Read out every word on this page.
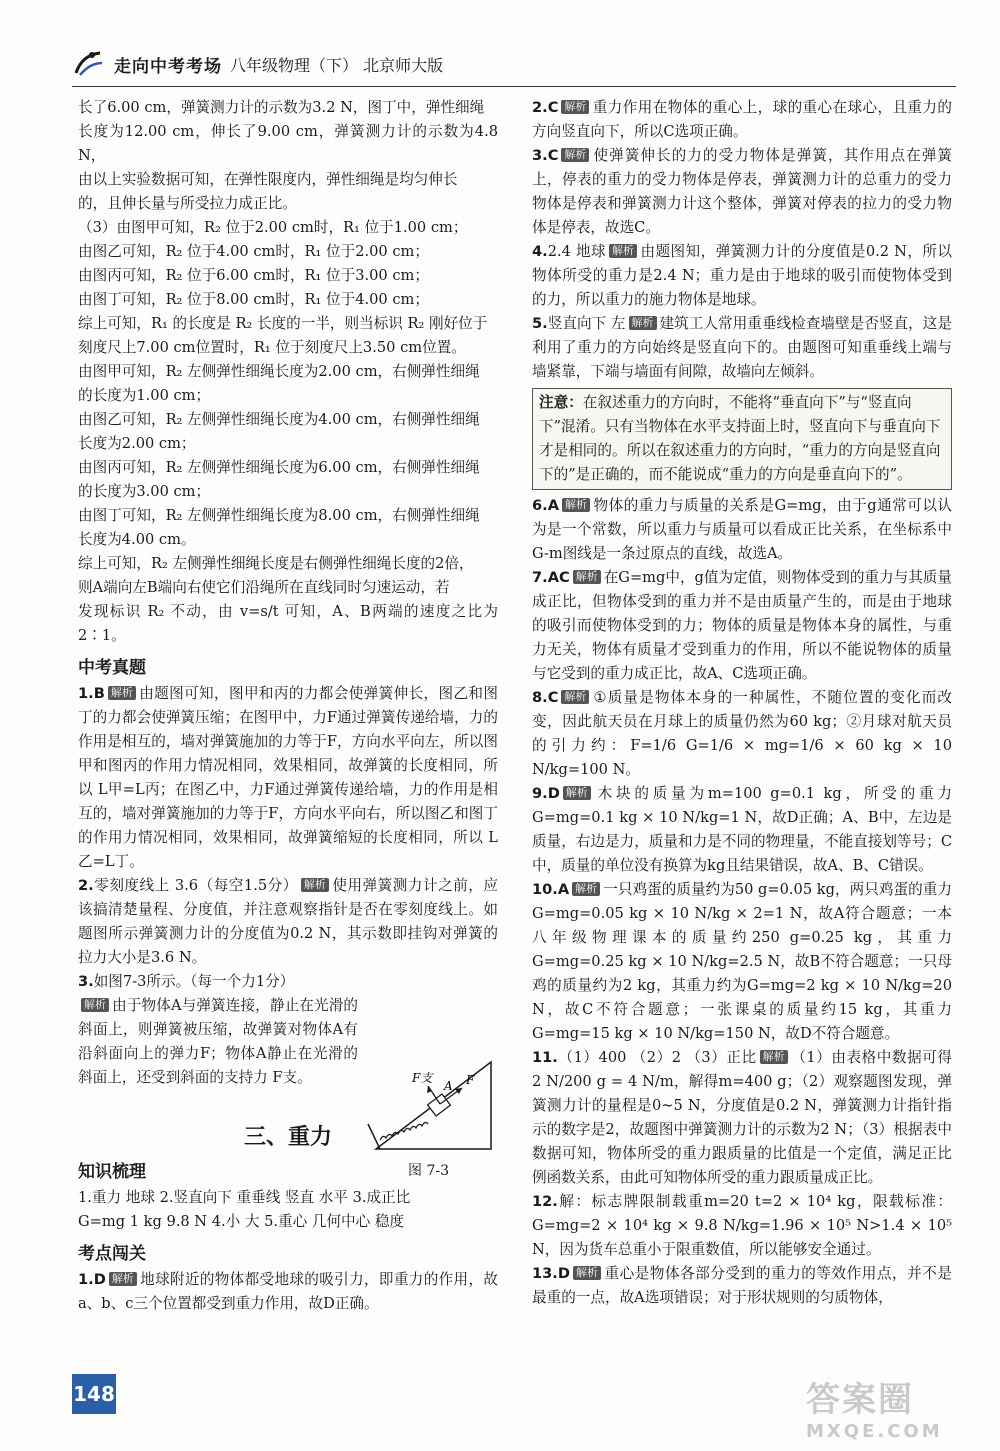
走向中考考场 八年级物理（下） 北京师大版
长了6.00 cm，弹簧测力计的示数为3.2 N，图丁中，弹性细绳
长度为12.00 cm，伸长了9.00 cm，弹簧测力计的示数为4.8 N，
由以上实验数据可知，在弹性限度内，弹性细绳是均匀伸长
的，且伸长量与所受拉力成正比。
（3）由图甲可知，R₂ 位于2.00 cm时，R₁ 位于1.00 cm；
由图乙可知，R₂ 位于4.00 cm时，R₁ 位于2.00 cm；
由图丙可知，R₂ 位于6.00 cm时，R₁ 位于3.00 cm；
由图丁可知，R₂ 位于8.00 cm时，R₁ 位于4.00 cm；
综上可知，R₁ 的长度是 R₂ 长度的一半，则当标识 R₂ 刚好位于
刻度尺上7.00 cm位置时，R₁ 位于刻度尺上3.50 cm位置。
由图甲可知，R₂ 左侧弹性细绳长度为2.00 cm，右侧弹性细绳
的长度为1.00 cm；
由图乙可知，R₂ 左侧弹性细绳长度为4.00 cm，右侧弹性细绳
长度为2.00 cm；
由图丙可知，R₂ 左侧弹性细绳长度为6.00 cm，右侧弹性细绳
的长度为3.00 cm；
由图丁可知，R₂ 左侧弹性细绳长度为8.00 cm，右侧弹性细绳
长度为4.00 cm。
综上可知，R₂ 左侧弹性细绳长度是右侧弹性细绳长度的2倍，
则A端向左B端向右使它们沿绳所在直线同时匀速运动，若
发现标识 R₂ 不动，由 v=s/t 可知，A、B两端的速度之比为2∶1。
中考真题

1.B 解析 由题图可知，图甲和丙的力都会使弹簧伸长，图乙和图丁的力都会使弹簧压缩；在图甲中，力F通过弹簧传递给墙，力的作用是相互的，墙对弹簧施加的力等于F，方向水平向左，所以图甲和图丙的作用力情况相同，效果相同，故弹簧的长度相同，所以 L甲=L丙；在图乙中，力F通过弹簧传递给墙，力的作用是相互的，墙对弹簧施加的力等于F，方向水平向右，所以图乙和图丁的作用力情况相同，效果相同，故弹簧缩短的长度相同，所以 L乙=L丁。

2.零刻度线上 3.6（每空1.5分） 解析 使用弹簧测力计之前，应该搞清楚量程、分度值，并注意观察指针是否在零刻度线上。如题图所示弹簧测力计的分度值为0.2 N，其示数即挂钩对弹簧的拉力大小是3.6 N。

3.如图7-3所示。（每一个力1分）
解析 由于物体A与弹簧连接，静止在光滑的斜面上，则弹簧被压缩，故弹簧对物体A有沿斜面向上的弹力F；物体A静止在光滑的斜面上，还受到斜面的支持力 F支。

三、重力
知识梳理
1.重力 地球 2.竖直向下 重垂线 竖直 水平 3.成正比
G=mg 1 kg 9.8 N 4.小 大 5.重心 几何中心 稳度
考点闯关

1.D 解析 地球附近的物体都受地球的吸引力，即重力的作用，故a、b、c三个位置都受到重力作用，故D正确。

F支
A F
图 7-3

2.C 解析 重力作用在物体的重心上，球的重心在球心，且重力的方向竖直向下，所以C选项正确。

3.C 解析 使弹簧伸长的力的受力物体是弹簧，其作用点在弹簧上，停表的重力的受力物体是停表，弹簧测力计的总重力的受力物体是停表和弹簧测力计这个整体，弹簧对停表的拉力的受力物体是停表，故选C。

4.2.4 地球 解析 由题图知，弹簧测力计的分度值是0.2 N，所以物体所受的重力是2.4 N；重力是由于地球的吸引而使物体受到的力，所以重力的施力物体是地球。

5.竖直向下 左 解析 建筑工人常用重垂线检查墙壁是否竖直，这是利用了重力的方向始终是竖直向下的。由题图可知重垂线上端与墙紧靠，下端与墙面有间隙，故墙向左倾斜。

注意：在叙述重力的方向时，不能将“垂直向下”与“竖直向下”混淆。只有当物体在水平支持面上时，竖直向下与垂直向下才是相同的。所以在叙述重力的方向时，“重力的方向是竖直向下的”是正确的，而不能说成“重力的方向是垂直向下的”。

6.A 解析 物体的重力与质量的关系是G=mg，由于g通常可以认为是一个常数，所以重力与质量可以看成正比关系，在坐标系中G-m图线是一条过原点的直线，故选A。

7.AC 解析 在G=mg中，g值为定值，则物体受到的重力与其质量成正比，但物体受到的重力并不是由质量产生的，而是由于地球的吸引而使物体受到的力；物体的质量是物体本身的属性，与重力无关，物体有质量才受到重力的作用，所以不能说物体的质量与它受到的重力成正比，故A、C选项正确。

8.C 解析 ①质量是物体本身的一种属性，不随位置的变化而改变，因此航天员在月球上的质量仍然为60 kg；②月球对航天员的引力约：F=1/6 G=1/6 × mg=1/6 × 60 kg × 10 N/kg=100 N。

9.D 解析 木块的质量为m=100 g=0.1 kg，所受的重力G=mg=0.1 kg × 10 N/kg=1 N，故D正确；A、B中，左边是质量，右边是力，质量和力是不同的物理量，不能直接划等号；C中，质量的单位没有换算为kg且结果错误，故A、B、C错误。

10.A 解析 一只鸡蛋的质量约为50 g=0.05 kg，两只鸡蛋的重力G=mg=0.05 kg × 10 N/kg × 2=1 N，故A符合题意；一本八年级物理课本的质量约250 g=0.25 kg，其重力G=mg=0.25 kg × 10 N/kg=2.5 N，故B不符合题意；一只母鸡的质量约为2 kg，其重力约为G=mg=2 kg × 10 N/kg=20 N，故C不符合题意；一张课桌的质量约15 kg，其重力G=mg=15 kg × 10 N/kg=150 N，故D不符合题意。

11.（1）400 （2）2 （3）正比 解析 （1）由表格中数据可得 2 N/200 g = 4 N/m，解得m=400 g；（2）观察题图发现，弹簧测力计的量程是0~5 N，分度值是0.2 N，弹簧测力计指针指示的数字是2，故题图中弹簧测力计的示数为2 N；（3）根据表中数据可知，物体所受的重力跟质量的比值是一个定值，满足正比例函数关系，由此可知物体所受的重力跟质量成正比。

12.解：标志牌限制载重m=20 t=2 × 10⁴ kg，限载标准：G=mg=2 × 10⁴ kg × 9.8 N/kg=1.96 × 10⁵ N>1.4 × 10⁵ N，因为货车总重小于限重数值，所以能够安全通过。

13.D 解析 重心是物体各部分受到的重力的等效作用点，并不是最重的一点，故A选项错误；对于形状规则的匀质物体，

148	答案圈
MXQE.COM
